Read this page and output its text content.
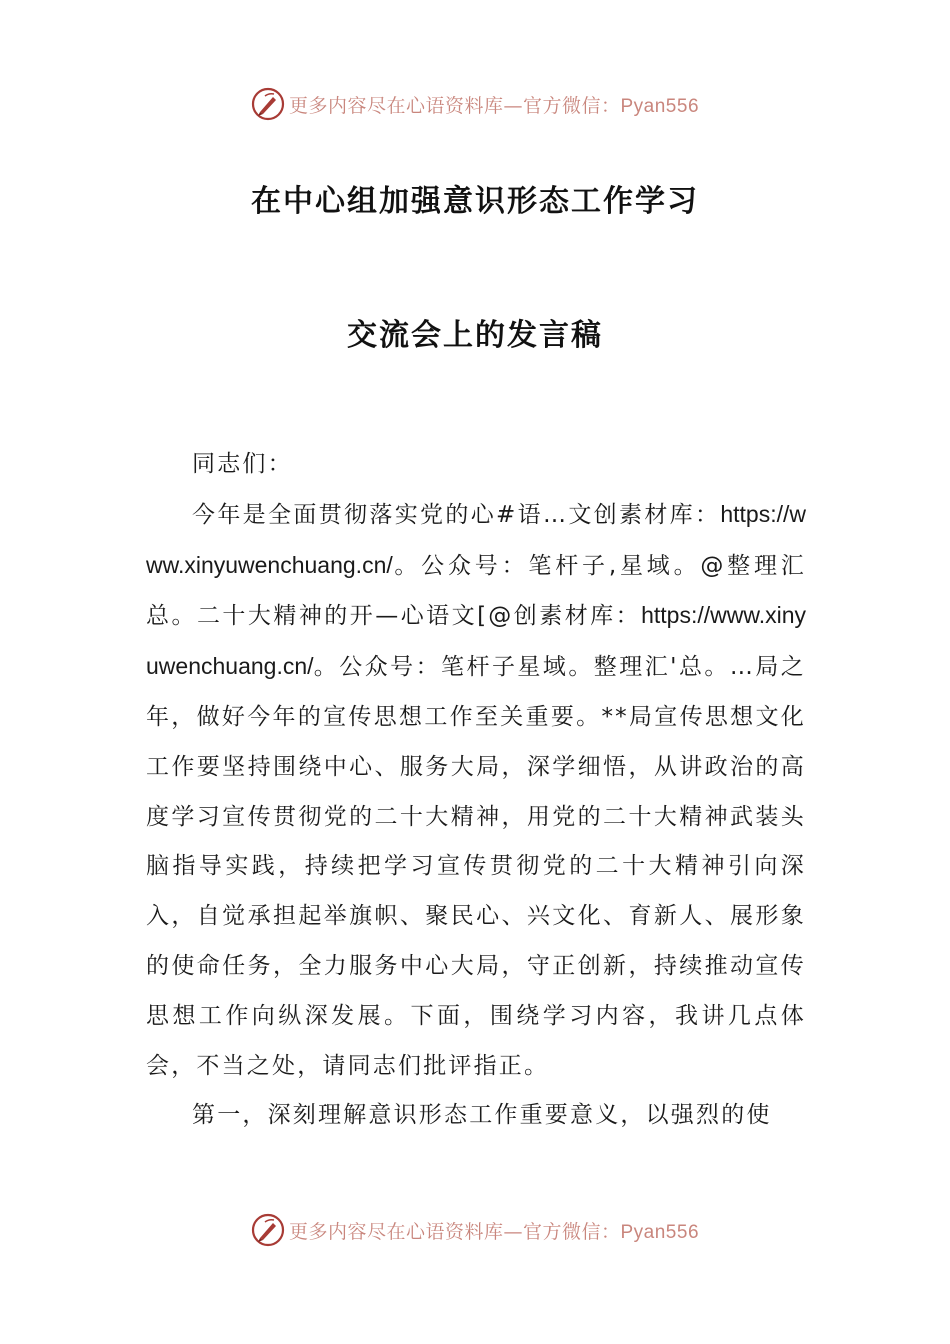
更多内容尽在心语资料库—官方微信：Pyan556
在中心组加强意识形态工作学习
交流会上的发言稿

同志们：

今年是全面贯彻落实党的心#语…文创素材库：https://www.xinyuwenchuang.cn/。公众号：笔杆子,星域。@整理汇总。二十大精神的开—心语文[@创素材库：https://www.xinyuwenchuang.cn/。公众号：笔杆子星域。整理汇'总。…局之年，做好今年的宣传思想工作至关重要。**局宣传思想文化工作要坚持围绕中心、服务大局，深学细悟，从讲政治的高度学习宣传贯彻党的二十大精神，用党的二十大精神武装头脑指导实践，持续把学习宣传贯彻党的二十大精神引向深入，自觉承担起举旗帜、聚民心、兴文化、育新人、展形象的使命任务，全力服务中心大局，守正创新，持续推动宣传思想工作向纵深发展。下面，围绕学习内容，我讲几点体会，不当之处，请同志们批评指正。

第一，深刻理解意识形态工作重要意义，以强烈的使

更多内容尽在心语资料库—官方微信：Pyan556
